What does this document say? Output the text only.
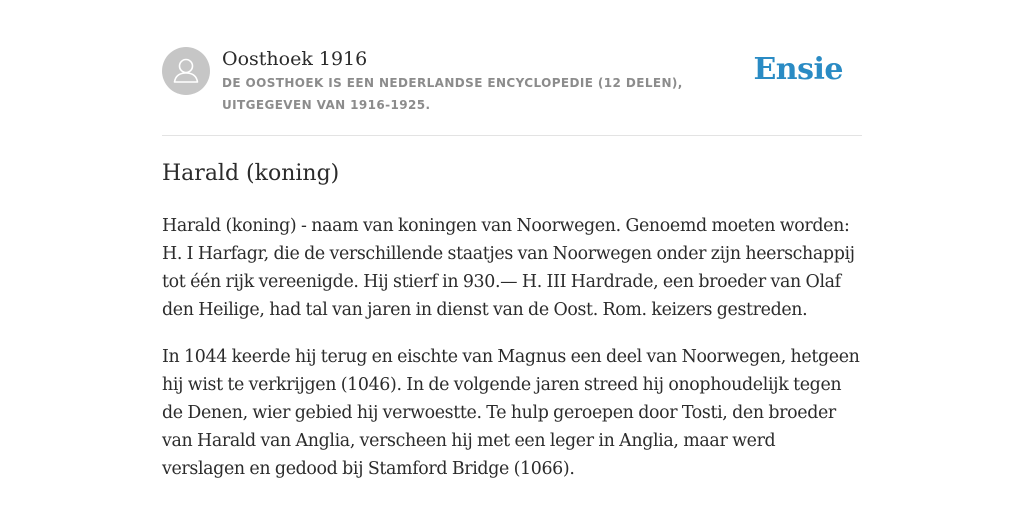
Oosthoek 1916
DE OOSTHOEK IS EEN NEDERLANDSE ENCYCLOPEDIE (12 DELEN), UITGEGEVEN VAN 1916-1925.
Ensie
Harald (koning)

Harald (koning) - naam van koningen van Noorwegen. Genoemd moeten worden:
H. I Harfagr, die de verschillende staatjes van Noorwegen onder zijn heerschappij
tot één rijk vereenigde. Hij stierf in 930.— H. III Hardrade, een broeder van Olaf
den Heilige, had tal van jaren in dienst van de Oost. Rom. keizers gestreden.

In 1044 keerde hij terug en eischte van Magnus een deel van Noorwegen, hetgeen
hij wist te verkrijgen (1046). In de volgende jaren streed hij onophoudelijk tegen
de Denen, wier gebied hij verwoestte. Te hulp geroepen door Tosti, den broeder
van Harald van Anglia, verscheen hij met een leger in Anglia, maar werd
verslagen en gedood bij Stamford Bridge (1066).
